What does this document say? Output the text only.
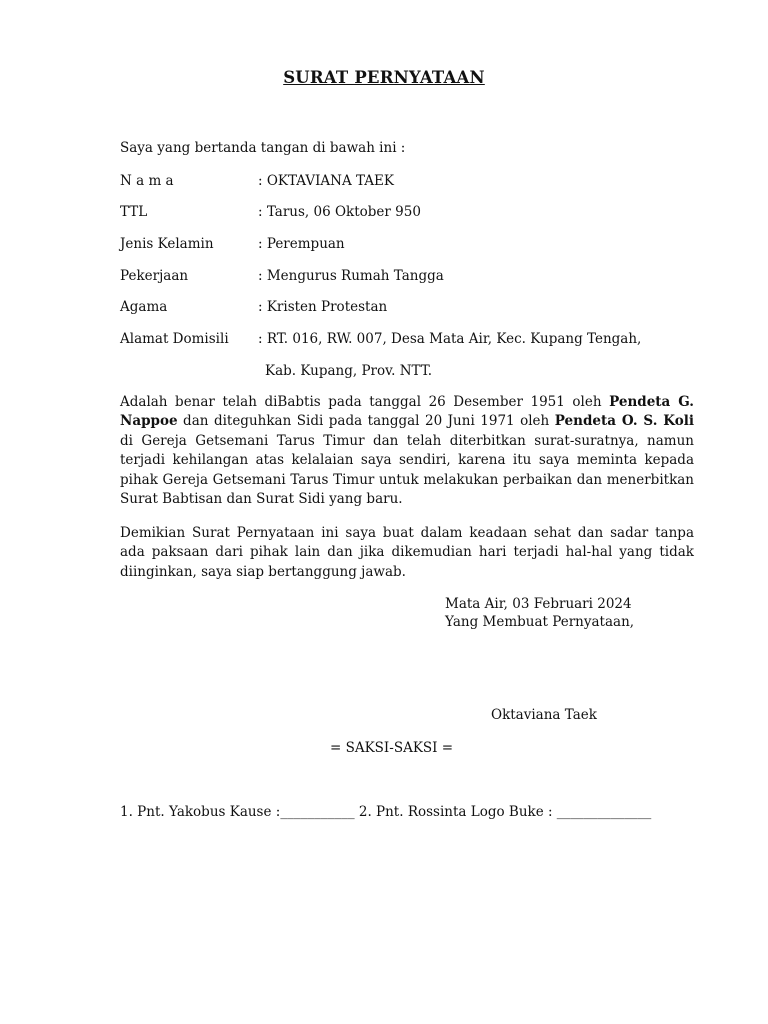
SURAT PERNYATAAN
Saya yang bertanda tangan di bawah ini :
N a m a	: OKTAVIANA TAEK
TTL	: Tarus, 06 Oktober 950
Jenis Kelamin	: Perempuan
Pekerjaan	: Mengurus Rumah Tangga
Agama	: Kristen Protestan
Alamat Domisili : RT. 016, RW. 007, Desa Mata Air, Kec. Kupang Tengah,
Kab. Kupang, Prov. NTT.
Adalah benar telah diBabtis pada tanggal 26 Desember 1951 oleh Pendeta G. Nappoe dan diteguhkan Sidi pada tanggal 20 Juni 1971 oleh Pendeta O. S. Koli di Gereja Getsemani Tarus Timur dan telah diterbitkan surat-suratnya, namun terjadi kehilangan atas kelalaian saya sendiri, karena itu saya meminta kepada pihak Gereja Getsemani Tarus Timur untuk melakukan perbaikan dan menerbitkan Surat Babtisan dan Surat Sidi yang baru.
Demikian Surat Pernyataan ini saya buat dalam keadaan sehat dan sadar tanpa ada paksaan dari pihak lain dan jika dikemudian hari terjadi hal-hal yang tidak diinginkan, saya siap bertanggung jawab.
Mata Air, 03 Februari 2024
Yang Membuat Pernyataan,
Oktaviana Taek
= SAKSI-SAKSI =
1. Pnt. Yakobus Kause :___________ 2. Pnt. Rossinta Logo Buke : ______________
